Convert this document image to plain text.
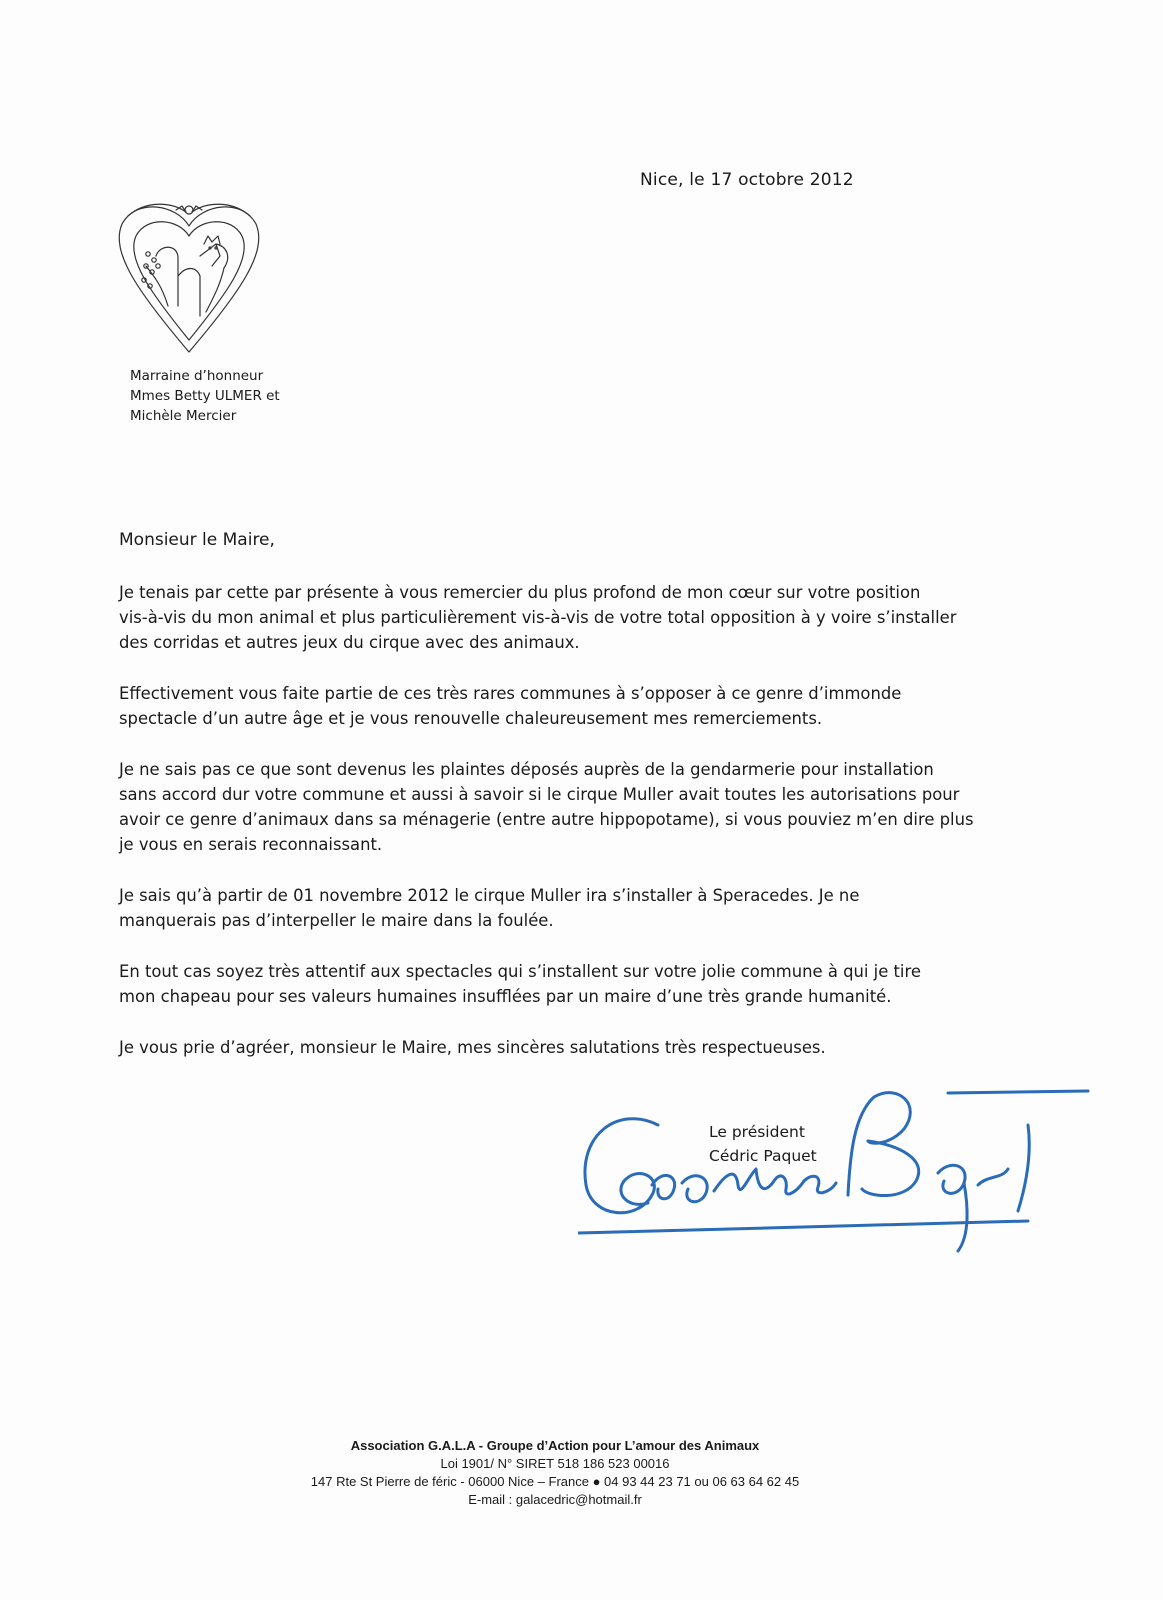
Nice, le 17 octobre 2012
Marraine d’honneur
Mmes Betty ULMER et
Michèle Mercier
Monsieur le Maire,
Je tenais par cette par présente à vous remercier du plus profond de mon cœur sur votre position
vis-à-vis du mon animal et plus particulièrement vis-à-vis de votre total opposition à y voire s’installer
des corridas et autres jeux du cirque avec des animaux.
Effectivement vous faite partie de ces très rares communes à s’opposer à ce genre d’immonde
spectacle d’un autre âge et je vous renouvelle chaleureusement mes remerciements.
Je ne sais pas ce que sont devenus les plaintes déposés auprès de la gendarmerie pour installation
sans accord dur votre commune et aussi à savoir si le cirque Muller avait toutes les autorisations pour
avoir ce genre d’animaux dans sa ménagerie (entre autre hippopotame), si vous pouviez m’en dire plus
je vous en serais reconnaissant.
Je sais qu’à partir de 01 novembre 2012 le cirque Muller ira s’installer à Speracedes. Je ne
manquerais pas d’interpeller le maire dans la foulée.
En tout cas soyez très attentif aux spectacles qui s’installent sur votre jolie commune à qui je tire
mon chapeau pour ses valeurs humaines insufflées par un maire d’une très grande humanité.
Je vous prie d’agréer, monsieur le Maire, mes sincères salutations très respectueuses.
Le président
Cédric Paquet
Association G.A.L.A - Groupe d’Action pour L’amour des Animaux
Loi 1901/ N° SIRET 518 186 523 00016
147 Rte St Pierre de féric - 06000 Nice – France ● 04 93 44 23 71 ou 06 63 64 62 45
E-mail : galacedric@hotmail.fr
